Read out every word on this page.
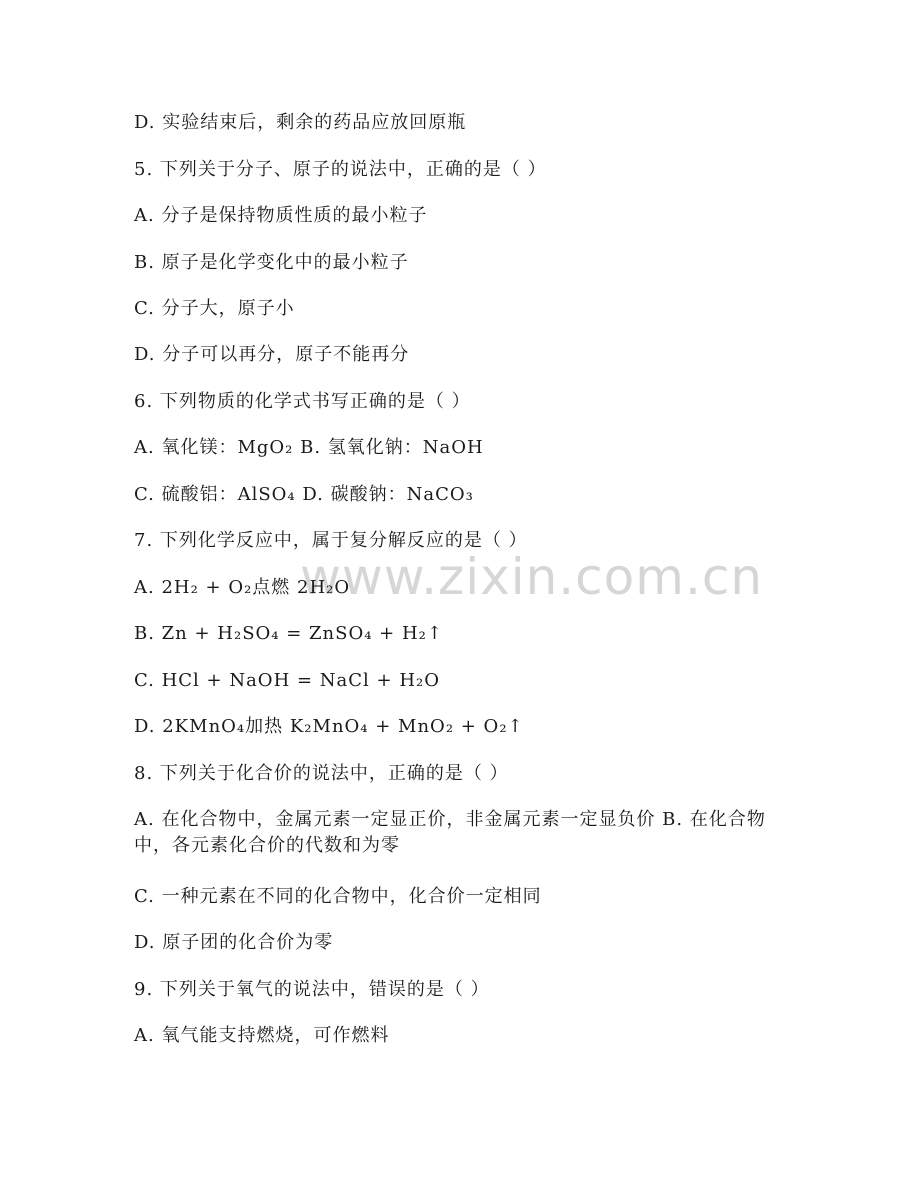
www.zixin.com.cn
D. 实验结束后，剩余的药品应放回原瓶
5. 下列关于分子、原子的说法中，正确的是（ ）
A. 分子是保持物质性质的最小粒子
B. 原子是化学变化中的最小粒子
C. 分子大，原子小
D. 分子可以再分，原子不能再分
6. 下列物质的化学式书写正确的是（ ）
A. 氧化镁：MgO₂ B. 氢氧化钠：NaOH
C. 硫酸铝：AlSO₄ D. 碳酸钠：NaCO₃
7. 下列化学反应中，属于复分解反应的是（ ）
A. 2H₂ + O₂点燃 2H₂O
B. Zn + H₂SO₄ = ZnSO₄ + H₂↑
C. HCl + NaOH = NaCl + H₂O
D. 2KMnO₄加热 K₂MnO₄ + MnO₂ + O₂↑
8. 下列关于化合价的说法中，正确的是（ ）
A. 在化合物中，金属元素一定显正价，非金属元素一定显负价 B. 在化合物中，各元素化合价的代数和为零
C. 一种元素在不同的化合物中，化合价一定相同
D. 原子团的化合价为零
9. 下列关于氧气的说法中，错误的是（ ）
A. 氧气能支持燃烧，可作燃料
